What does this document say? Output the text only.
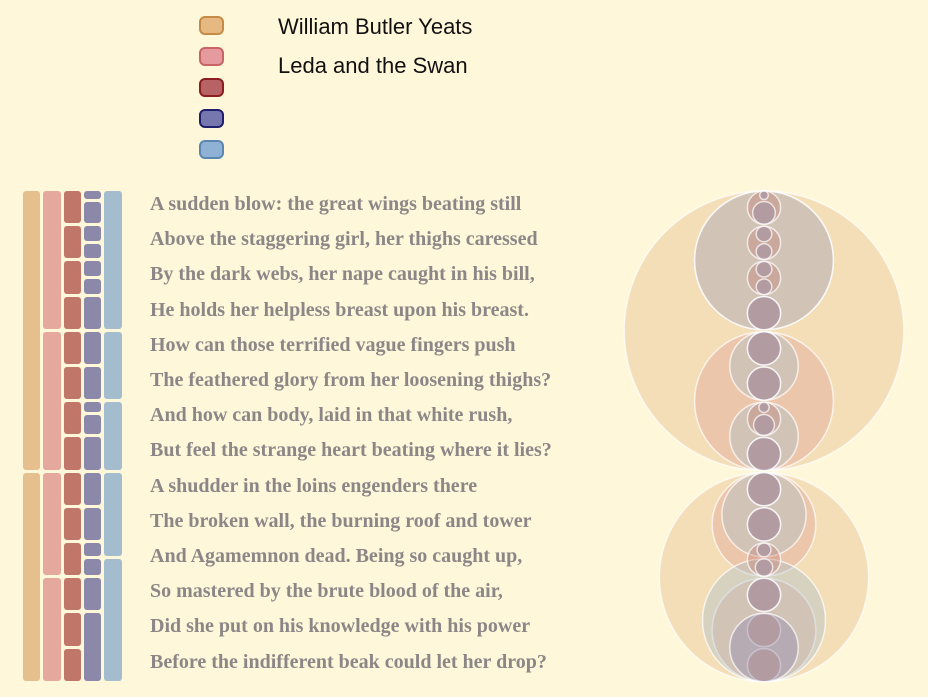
William Butler Yeats
Leda and the Swan
A sudden blow: the great wings beating still
Above the staggering girl, her thighs caressed
By the dark webs, her nape caught in his bill,
He holds her helpless breast upon his breast.
How can those terrified vague fingers push
The feathered glory from her loosening thighs?
And how can body, laid in that white rush,
But feel the strange heart beating where it lies?
A shudder in the loins engenders there
The broken wall, the burning roof and tower
And Agamemnon dead. Being so caught up,
So mastered by the brute blood of the air,
Did she put on his knowledge with his power
Before the indifferent beak could let her drop?
